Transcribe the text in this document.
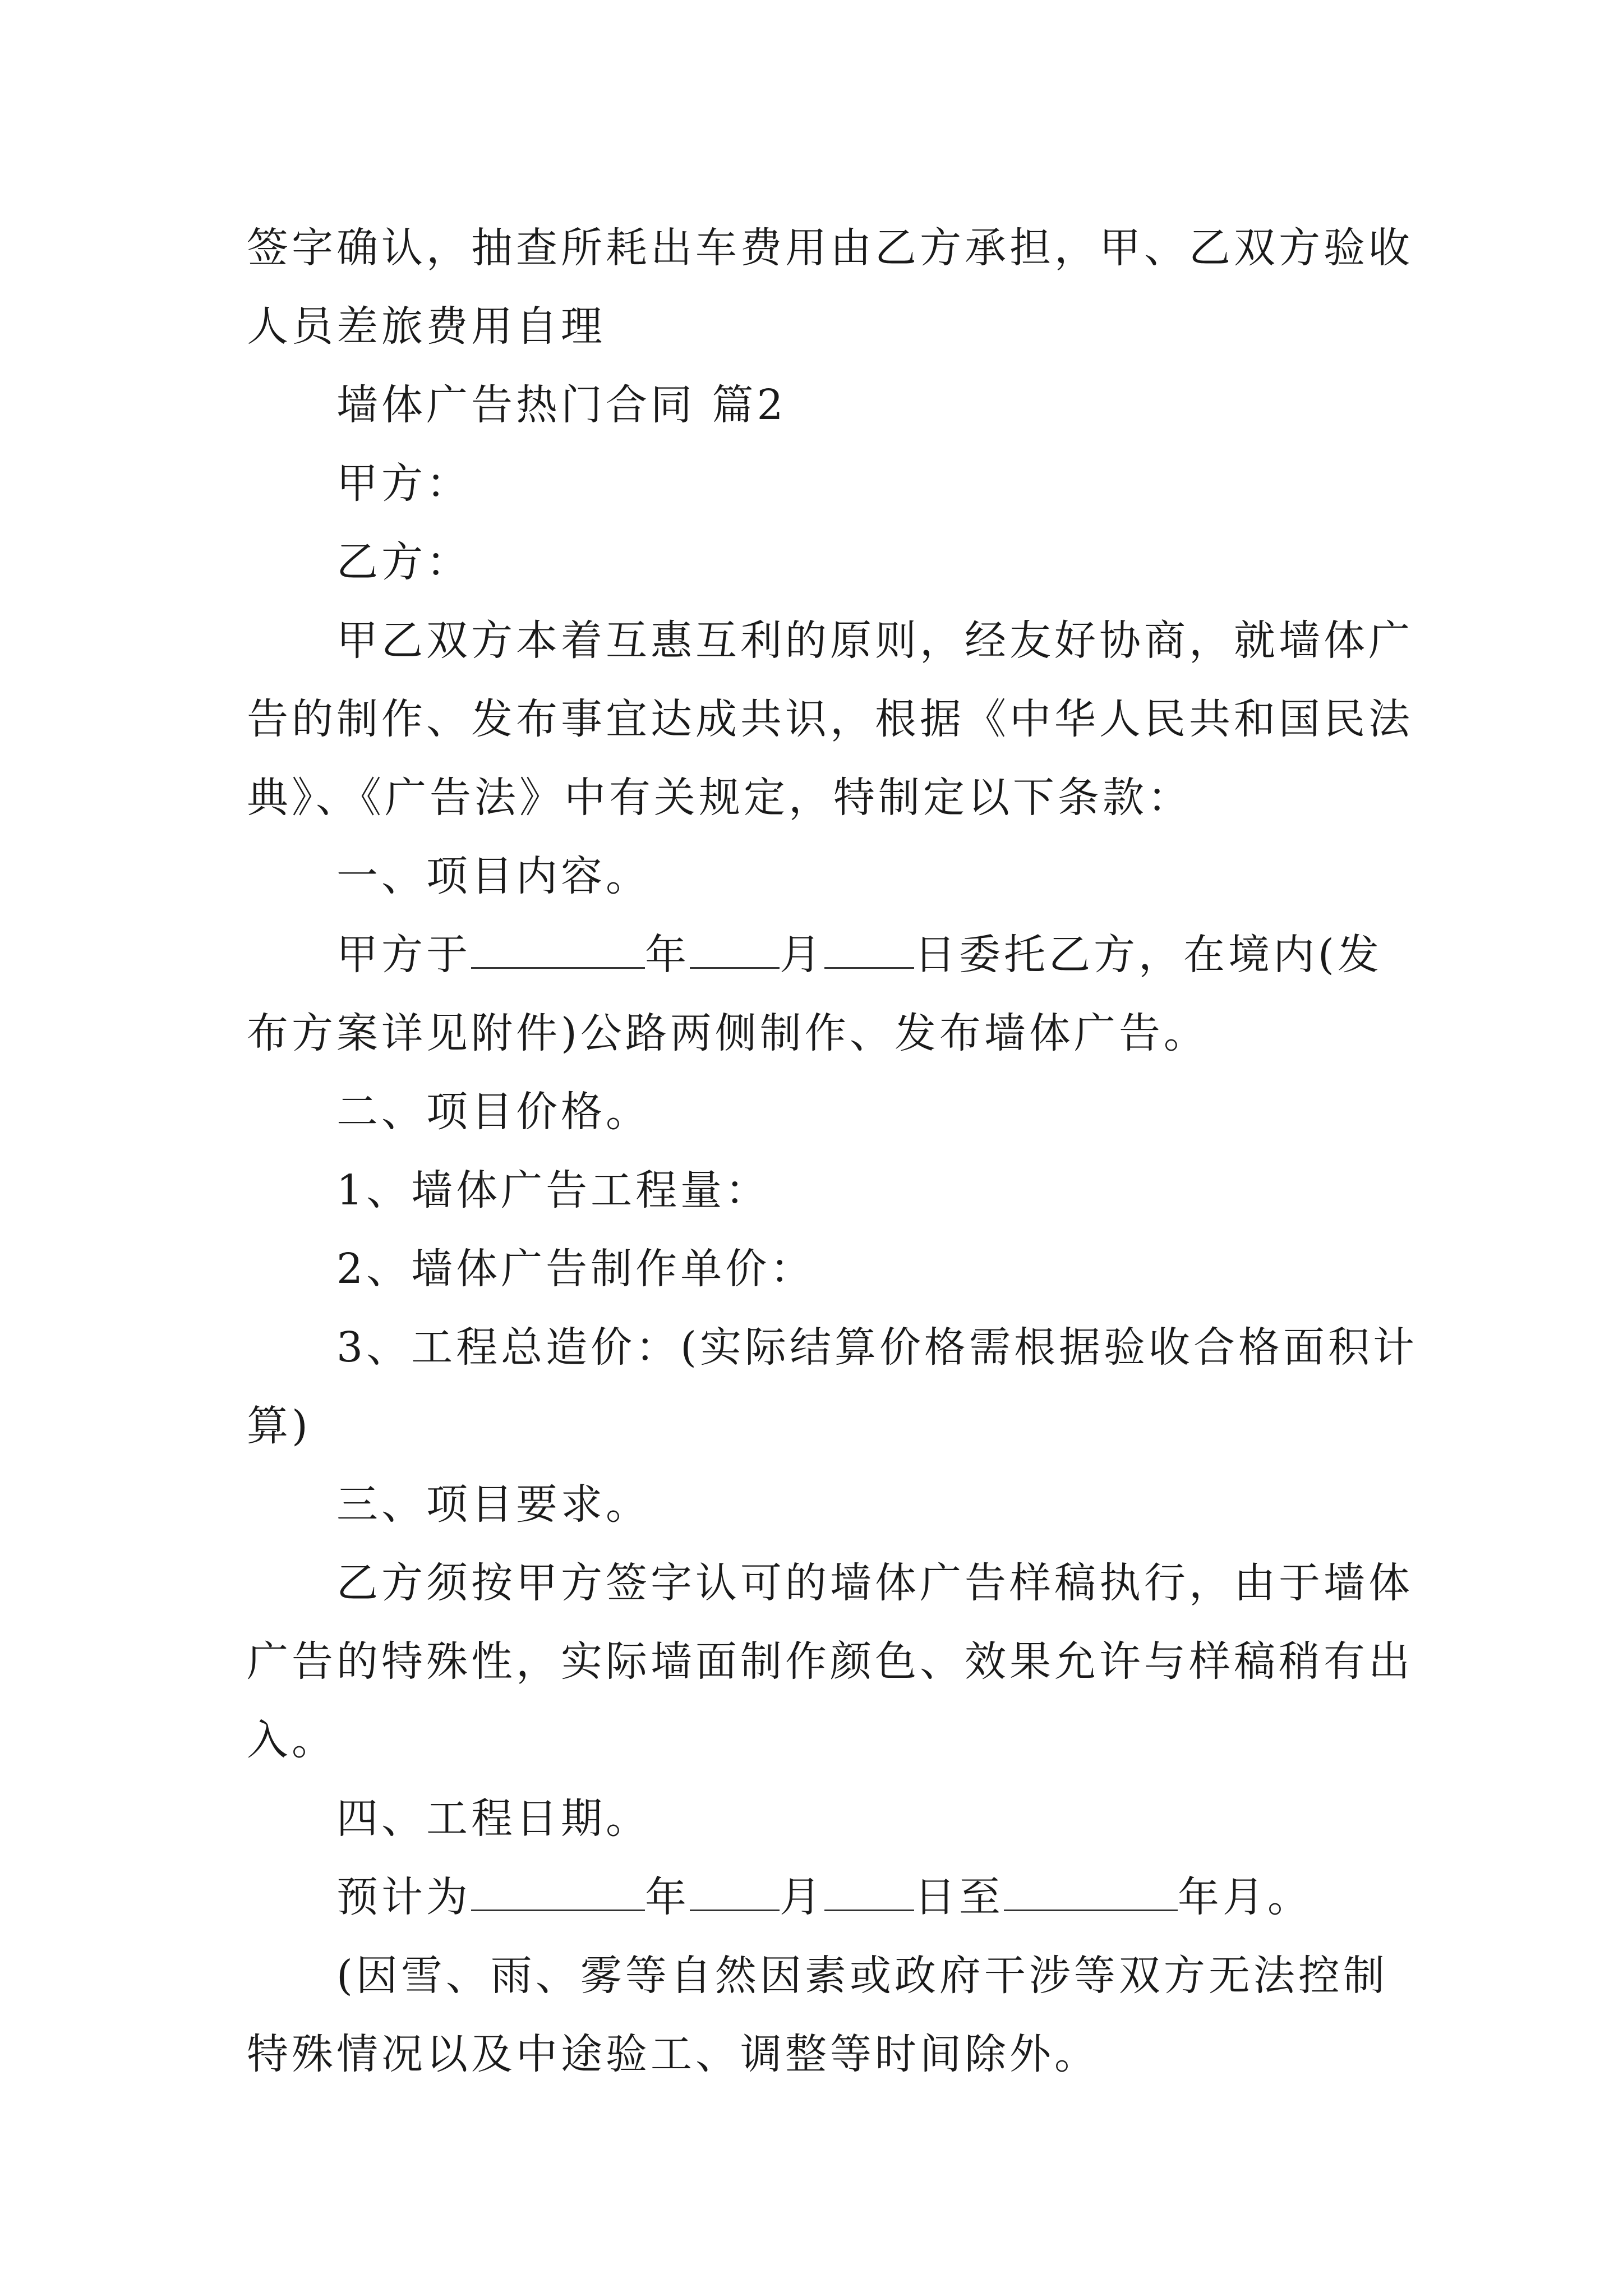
签字确认，抽查所耗出车费用由乙方承担，甲、乙双方验收
人员差旅费用自理
墙体广告热门合同 篇2
甲方：
乙方：
甲乙双方本着互惠互利的原则，经友好协商，就墙体广
告的制作、发布事宜达成共识，根据《中华人民共和国民法
典》、《广告法》中有关规定，特制定以下条款：
一、项目内容。
甲方于	年 月 日委托乙方，在境内(发
布方案详见附件)公路两侧制作、发布墙体广告。
二、项目价格。
1、墙体广告工程量：
2、墙体广告制作单价：
3、工程总造价：(实际结算价格需根据验收合格面积计
算)
三、项目要求。
乙方须按甲方签字认可的墙体广告样稿执行，由于墙体
广告的特殊性，实际墙面制作颜色、效果允许与样稿稍有出
入。
四、工程日期。
预计为	年 月 日至	年月。
(因雪、雨、雾等自然因素或政府干涉等双方无法控制
特殊情况以及中途验工、调整等时间除外。
